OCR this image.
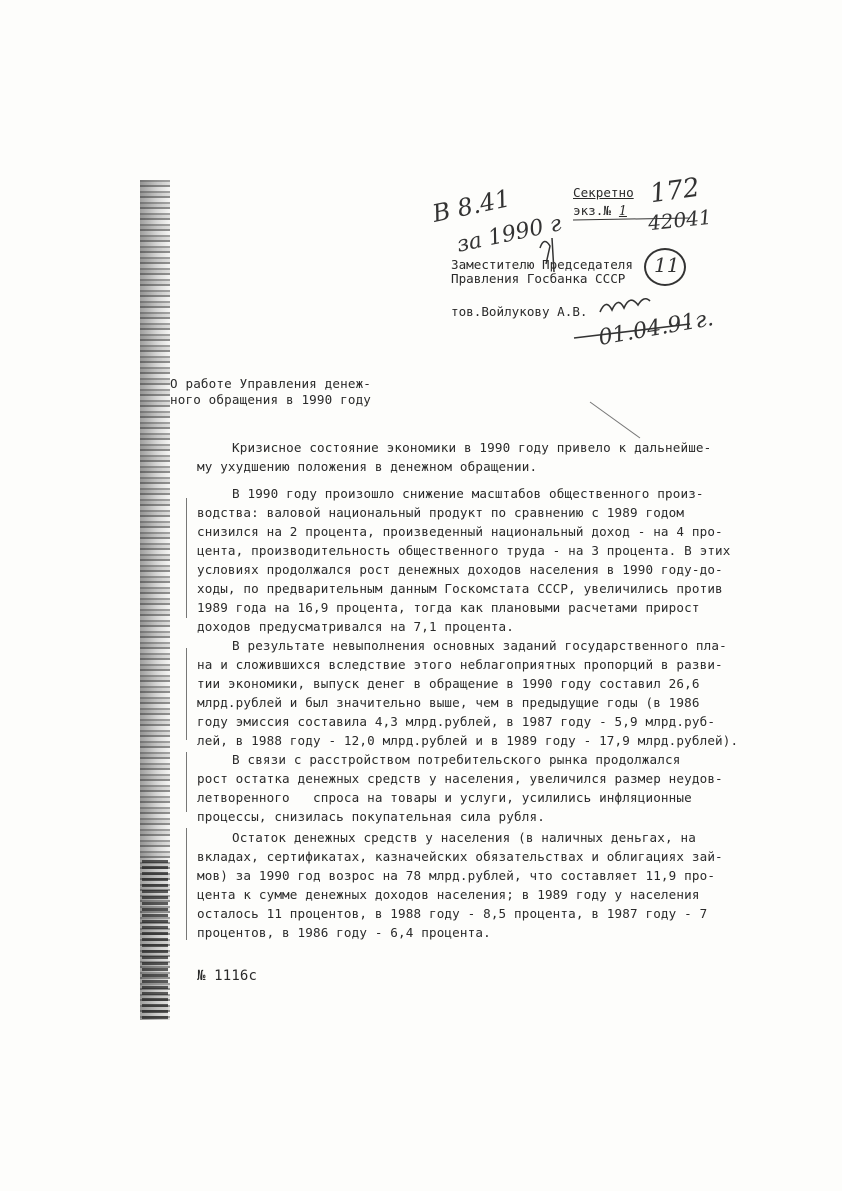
Секретно
экз.№ 1
Заместителю Председателя
Правления Госбанка СССР
тов.Войлукову А.В.
В 8.41
за 1990 г
172
42041
11
01.04.91г.
О работе Управления денеж-
ного обращения в 1990 году
Кризисное состояние экономики в 1990 году привело к дальнейше-
му ухудшению положения в денежном обращении.
В 1990 году произошло снижение масштабов общественного произ-
водства: валовой национальный продукт по сравнению с 1989 годом
снизился на 2 процента, произведенный национальный доход - на 4 про-
цента, производительность общественного труда - на 3 процента. В этих
условиях продолжался рост денежных доходов населения в 1990 году-до-
ходы, по предварительным данным Госкомстата СССР, увеличились против
1989 года на 16,9 процента, тогда как плановыми расчетами прирост
доходов предусматривался на 7,1 процента.
В результате невыполнения основных заданий государственного пла-
на и сложившихся вследствие этого неблагоприятных пропорций в разви-
тии экономики, выпуск денег в обращение в 1990 году составил 26,6
млрд.рублей и был значительно выше, чем в предыдущие годы (в 1986
году эмиссия составила 4,3 млрд.рублей, в 1987 году - 5,9 млрд.руб-
лей, в 1988 году - 12,0 млрд.рублей и в 1989 году - 17,9 млрд.рублей).
В связи с расстройством потребительского рынка продолжался
рост остатка денежных средств у населения, увеличился размер неудов-
летворенного   спроса на товары и услуги, усилились инфляционные
процессы, снизилась покупательная сила рубля.
Остаток денежных средств у населения (в наличных деньгах, на
вкладах, сертификатах, казначейских обязательствах и облигациях зай-
мов) за 1990 год возрос на 78 млрд.рублей, что составляет 11,9 про-
цента к сумме денежных доходов населения; в 1989 году у населения
осталось 11 процентов, в 1988 году - 8,5 процента, в 1987 году - 7
процентов, в 1986 году - 6,4 процента.
№ 1116с
